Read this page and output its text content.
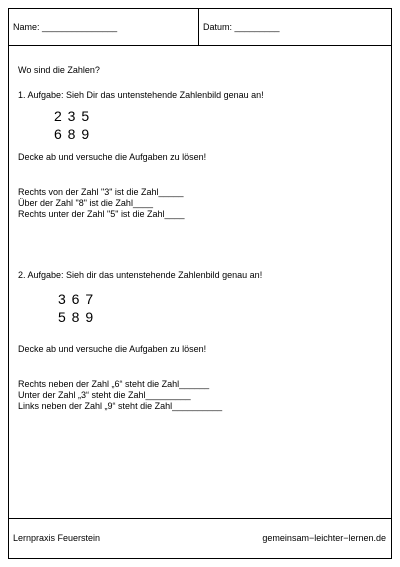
Name: _______________	Datum: _________
Wo sind die Zahlen?
1. Aufgabe: Sieh Dir das untenstehende Zahlenbild genau an!
2 3 5
6 8 9
Decke ab und versuche die Aufgaben zu lösen!
Rechts von der Zahl "3" ist die Zahl_____
Über der Zahl "8" ist die Zahl____
Rechts unter der Zahl "5" ist die Zahl____
2. Aufgabe: Sieh dir das untenstehende Zahlenbild genau an!
3 6 7
5 8 9
Decke ab und versuche die Aufgaben zu lösen!
Rechts neben der Zahl „6“ steht die Zahl______
Unter der Zahl „3“ steht die Zahl_________
Links neben der Zahl „9“ steht die Zahl__________
Lernpraxis Feuerstein	gemeinsam−leichter−lernen.de
